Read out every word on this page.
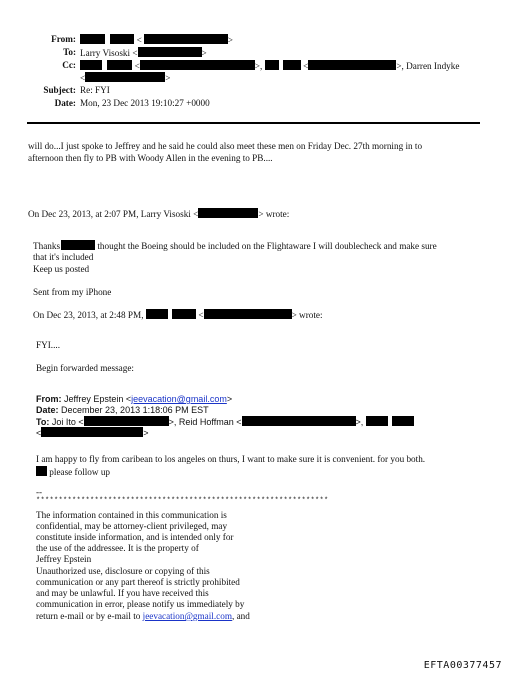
From:	<	>
To: Larry Visoski <	>
Cc:	<	>,	<	>, Darren Indyke
<	>
Subject: Re: FYI
Date: Mon, 23 Dec 2013 19:10:27 +0000
will do...I just spoke to Jeffrey and he said he could also meet these men on Friday Dec. 27th morning in to
afternoon then fly to PB with Woody Allen in the evening to PB....
On Dec 23, 2013, at 2:07 PM, Larry Visoski <	> wrote:
Thanks	thought the Boeing should be included on the Flightaware I will doublecheck and make sure
that it's included
Keep us posted
Sent from my iPhone
On Dec 23, 2013, at 2:48 PM,	<	> wrote:
FYI....
Begin forwarded message:
From: Jeffrey Epstein <jeevacation@gmail.com>
Date: December 23, 2013 1:18:06 PM EST
To: Joi Ito <	>, Reid Hoffman <	>,
<	>
I am happy to fly from caribean to los angeles on thurs, I want to make sure it is convenient. for you both.
please follow up
--
*****************************************************************
The information contained in this communication is
confidential, may be attorney-client privileged, may
constitute inside information, and is intended only for
the use of the addressee. It is the property of
Jeffrey Epstein
Unauthorized use, disclosure or copying of this
communication or any part thereof is strictly prohibited
and may be unlawful. If you have received this
communication in error, please notify us immediately by
return e-mail or by e-mail to jeevacation@gmail.com, and
EFTA00377457
